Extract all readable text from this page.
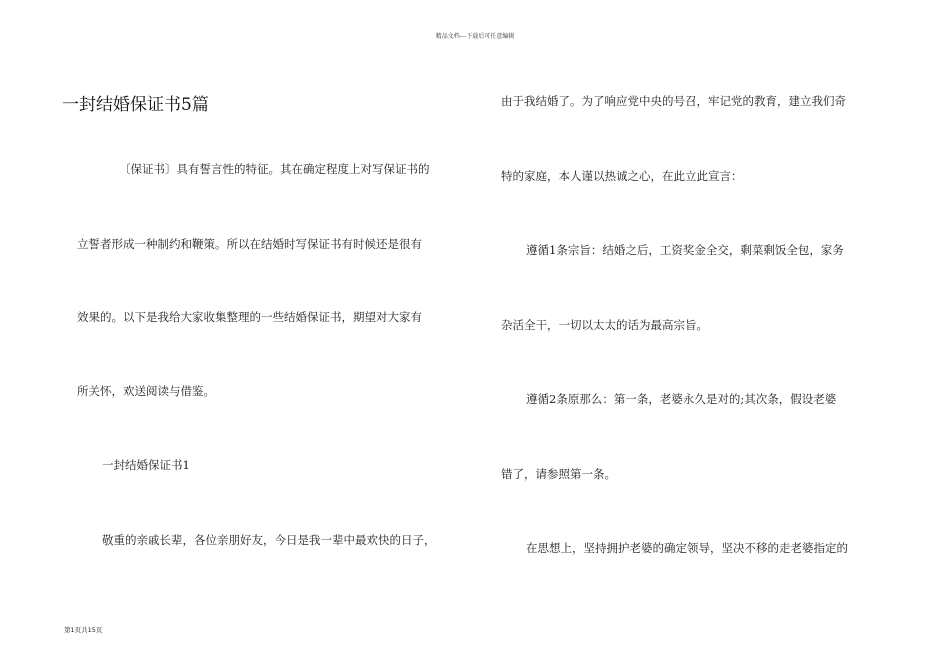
精品文档---下载后可任意编辑
一封结婚保证书5篇
〔保证书〕具有誓言性的特征。其在确定程度上对写保证书的
立誓者形成一种制约和鞭策。所以在结婚时写保证书有时候还是很有
效果的。以下是我给大家收集整理的一些结婚保证书，期望对大家有
所关怀，欢送阅读与借鉴。
一封结婚保证书1
敬重的亲戚长辈，各位亲朋好友，今日是我一辈中最欢快的日子，
由于我结婚了。为了响应党中央的号召，牢记党的教育，建立我们奇
特的家庭，本人谨以热诚之心，在此立此宣言：
遵循1条宗旨：结婚之后，工资奖金全交，剩菜剩饭全包，家务
杂活全干，一切以太太的话为最高宗旨。
遵循2条原那么：第一条，老婆永久是对的;其次条，假设老婆
错了，请参照第一条。
在思想上，坚持拥护老婆的确定领导，坚决不移的走老婆指定的
第1页共15页
